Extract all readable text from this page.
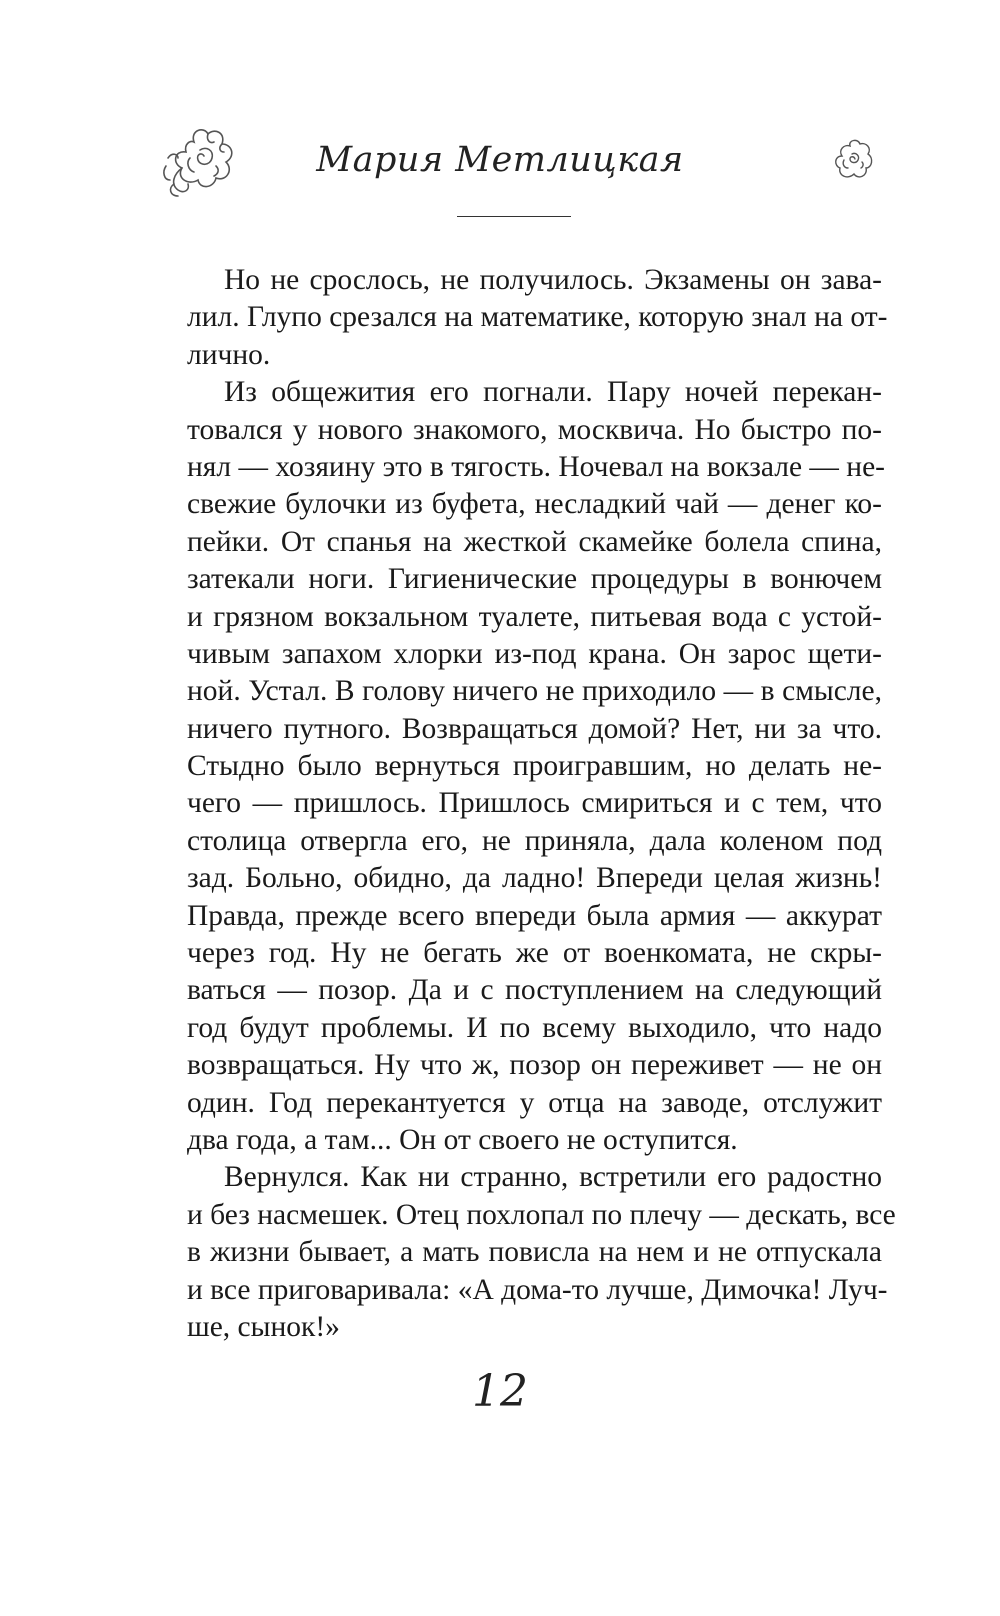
Мария Метлицкая
Но не срослось, не получилось. Экзамены он зава-
лил. Глупо срезался на математике, которую знал на от-
лично.
Из общежития его погнали. Пару ночей перекан-
товался у нового знакомого, москвича. Но быстро по-
нял — хозяину это в тягость. Ночевал на вокзале — не-
свежие булочки из буфета, несладкий чай — денег ко-
пейки. От спанья на жесткой скамейке болела спина,
затекали ноги. Гигиенические процедуры в вонючем
и грязном вокзальном туалете, питьевая вода с устой-
чивым запахом хлорки из-под крана. Он зарос щети-
ной. Устал. В голову ничего не приходило — в смысле,
ничего путного. Возвращаться домой? Нет, ни за что.
Стыдно было вернуться проигравшим, но делать не-
чего — пришлось. Пришлось смириться и с тем, что
столица отвергла его, не приняла, дала коленом под
зад. Больно, обидно, да ладно! Впереди целая жизнь!
Правда, прежде всего впереди была армия — аккурат
через год. Ну не бегать же от военкомата, не скры-
ваться — позор. Да и с поступлением на следующий
год будут проблемы. И по всему выходило, что надо
возвращаться. Ну что ж, позор он переживет — не он
один. Год перекантуется у отца на заводе, отслужит
два года, а там... Он от своего не оступится.
Вернулся. Как ни странно, встретили его радостно
и без насмешек. Отец похлопал по плечу — дескать, все
в жизни бывает, а мать повисла на нем и не отпускала
и все приговаривала: «А дома-то лучше, Димочка! Луч-
ше, сынок!»
12
